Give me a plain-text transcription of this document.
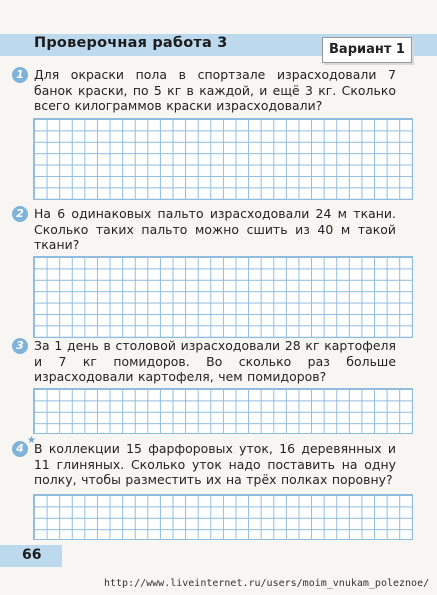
Проверочная работа 3	Вариант 1
1 Для окраски пола в спортзале израсходовали 7 банок краски, по 5 кг в каждой, и ещё 3 кг. Сколько всего килограммов краски израсходовали?
2 На 6 одинаковых пальто израсходовали 24 м ткани. Сколько таких пальто можно сшить из 40 м такой ткани?
3 За 1 день в столовой израсходовали 28 кг картофеля и 7 кг помидоров. Во сколько раз больше израсходовали картофеля, чем помидоров?
4
★
В коллекции 15 фарфоровых уток, 16 деревянных и 11 глиняных. Сколько уток надо поставить на одну полку, чтобы разместить их на трёх полках поровну?
66
http://www.liveinternet.ru/users/moim_vnukam_poleznoe/
